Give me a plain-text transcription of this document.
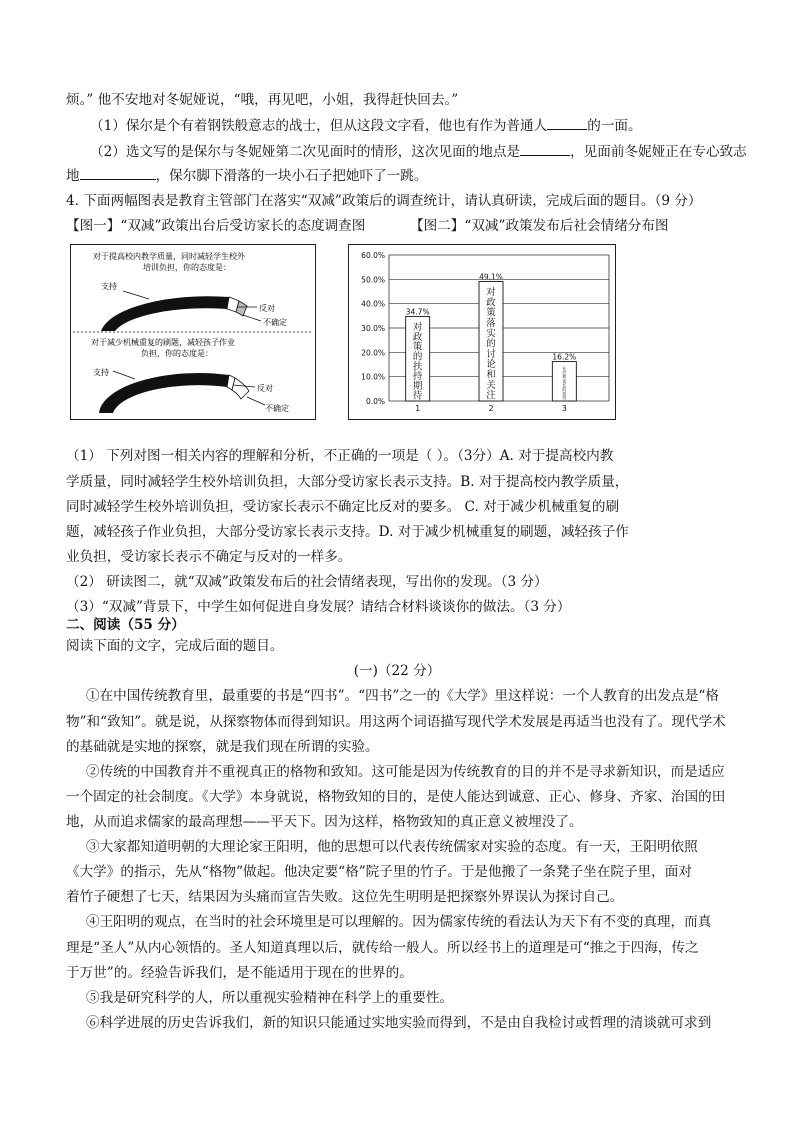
烦。” 他不安地对冬妮娅说，“哦，再见吧，小姐，我得赶快回去。”
（1）保尔是个有着钢铁般意志的战士，但从这段文字看，他也有作为普通人	的一面。
（2）选文写的是保尔与冬妮娅第二次见面时的情形，这次见面的地点是	，见面前冬妮娅正在专心致志
地	，保尔脚下滑落的一块小石子把她吓了一跳。
4. 下面两幅图表是教育主管部门在落实“双减”政策后的调查统计，请认真研读，完成后面的题目。（9 分）
【图一】“双减”政策出台后受访家长的态度调查图	【图二】“双减”政策发布后社会情绪分布图
对于提高校内教学质量，同时减轻学生校外
培训负担，你的态度是：
支持
反对
不确定
对于减少机械重复的刷题，减轻孩子作业
负担，你的态度是：
支持
反对
不确定
60.0%
50.0%
40.0%
30.0%
20.0%
10.0%
0.0%
34.7%
1
对政策的扶持期待
49.1%
2
对政策落实的讨论和关注
16.2%
3
社会和家长的担忧
（1） 下列对图一相关内容的理解和分析，不正确的一项是（ ）。（3分）A. 对于提高校内教
学质量，同时减轻学生校外培训负担，大部分受访家长表示支持。B. 对于提高校内教学质量，
同时减轻学生校外培训负担，受访家长表示不确定比反对的要多。 C. 对于减少机械重复的刷
题，减轻孩子作业负担，大部分受访家长表示支持。D. 对于减少机械重复的刷题，减轻孩子作
业负担，受访家长表示不确定与反对的一样多。
（2） 研读图二，就“双减”政策发布后的社会情绪表现，写出你的发现。（3 分）
（3）“双减”背景下，中学生如何促进自身发展？请结合材料谈谈你的做法。（3 分）
二、阅读（55 分）
阅读下面的文字，完成后面的题目。
(一)（22 分）
①在中国传统教育里，最重要的书是“四书”。“四书”之一的《大学》里这样说：一个人教育的出发点是“格
物”和“致知”。就是说，从探察物体而得到知识。用这两个词语描写现代学术发展是再适当也没有了。现代学术
的基础就是实地的探察，就是我们现在所谓的实验。
②传统的中国教育并不重视真正的格物和致知。这可能是因为传统教育的目的并不是寻求新知识，而是适应
一个固定的社会制度。《大学》本身就说，格物致知的目的，是使人能达到诚意、正心、修身、齐家、治国的田
地，从而追求儒家的最高理想——平天下。因为这样，格物致知的真正意义被埋没了。
③大家都知道明朝的大理论家王阳明，他的思想可以代表传统儒家对实验的态度。有一天，王阳明依照
《大学》的指示，先从“格物”做起。他决定要“格”院子里的竹子。于是他搬了一条凳子坐在院子里，面对
着竹子硬想了七天，结果因为头痛而宣告失败。这位先生明明是把探察外界误认为探讨自己。
④王阳明的观点，在当时的社会环境里是可以理解的。因为儒家传统的看法认为天下有不变的真理，而真
理是“圣人”从内心领悟的。圣人知道真理以后，就传给一般人。所以经书上的道理是可“推之于四海，传之
于万世”的。经验告诉我们，是不能适用于现在的世界的。
⑤我是研究科学的人，所以重视实验精神在科学上的重要性。
⑥科学进展的历史告诉我们，新的知识只能通过实地实验而得到，不是由自我检讨或哲理的清谈就可求到
